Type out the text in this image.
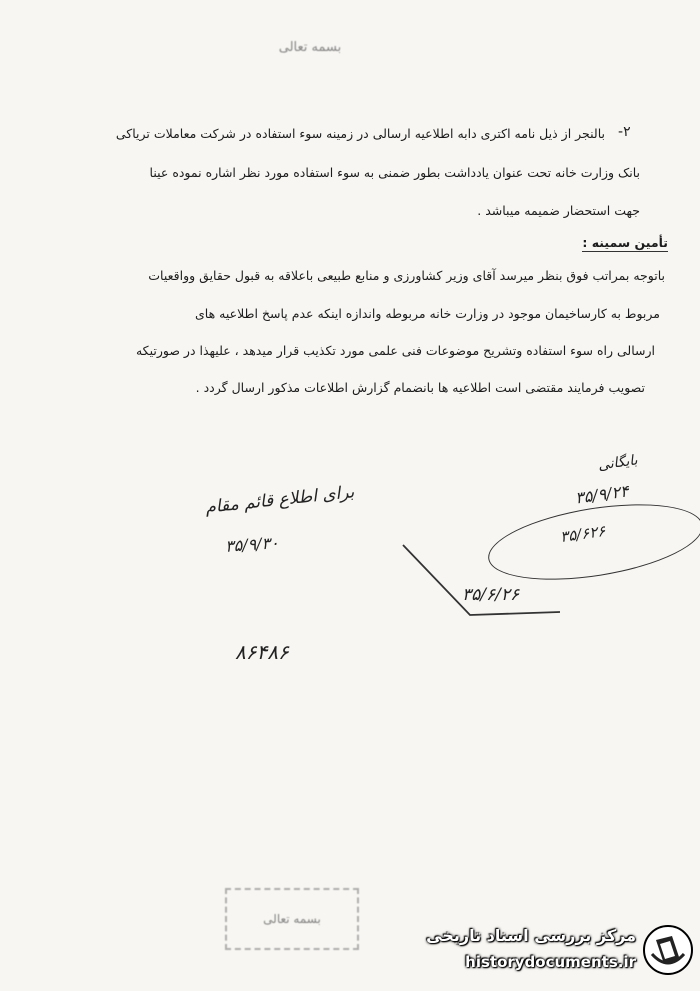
بسمه تعالی
۲-
بالنجر از ذیل نامه اکتری دابه اطلاعیه ارسالی در زمینه سوء استفاده در شرکت معاملات تریاکی
بانک وزارت خانه تحت عنوان یادداشت بطور ضمنی به سوء استفاده مورد نظر اشاره نموده عینا
جهت استحضار ضمیمه میباشد .
تأمین سمینه :
باتوجه بمراتب فوق بنظر میرسد آقای وزیر کشاورزی و منابع طبیعی باعلاقه به قبول حقایق وواقعیات
مربوط به کارساخیمان موجود در وزارت خانه مربوطه واندازه اینکه عدم پاسخ اطلاعیه های
ارسالی راه سوء استفاده وتشریح موضوعات فنی علمی مورد تکذیب قرار میدهد ، علیهذا در صورتیکه
تصویب فرمایند مقتضی است اطلاعیه ها بانضمام گزارش اطلاعات مذکور ارسال گردد .
برای اطلاع قائم مقام
۳۵/۹/۳۰
بایگانی
۳۵/۹/۲۴
۳۵/۶۲۶
۳۵/۶/۲۶
۸۶۴۸۶
بسمه تعالی
مرکز بررسی اسناد تاریخی
historydocuments.ir
